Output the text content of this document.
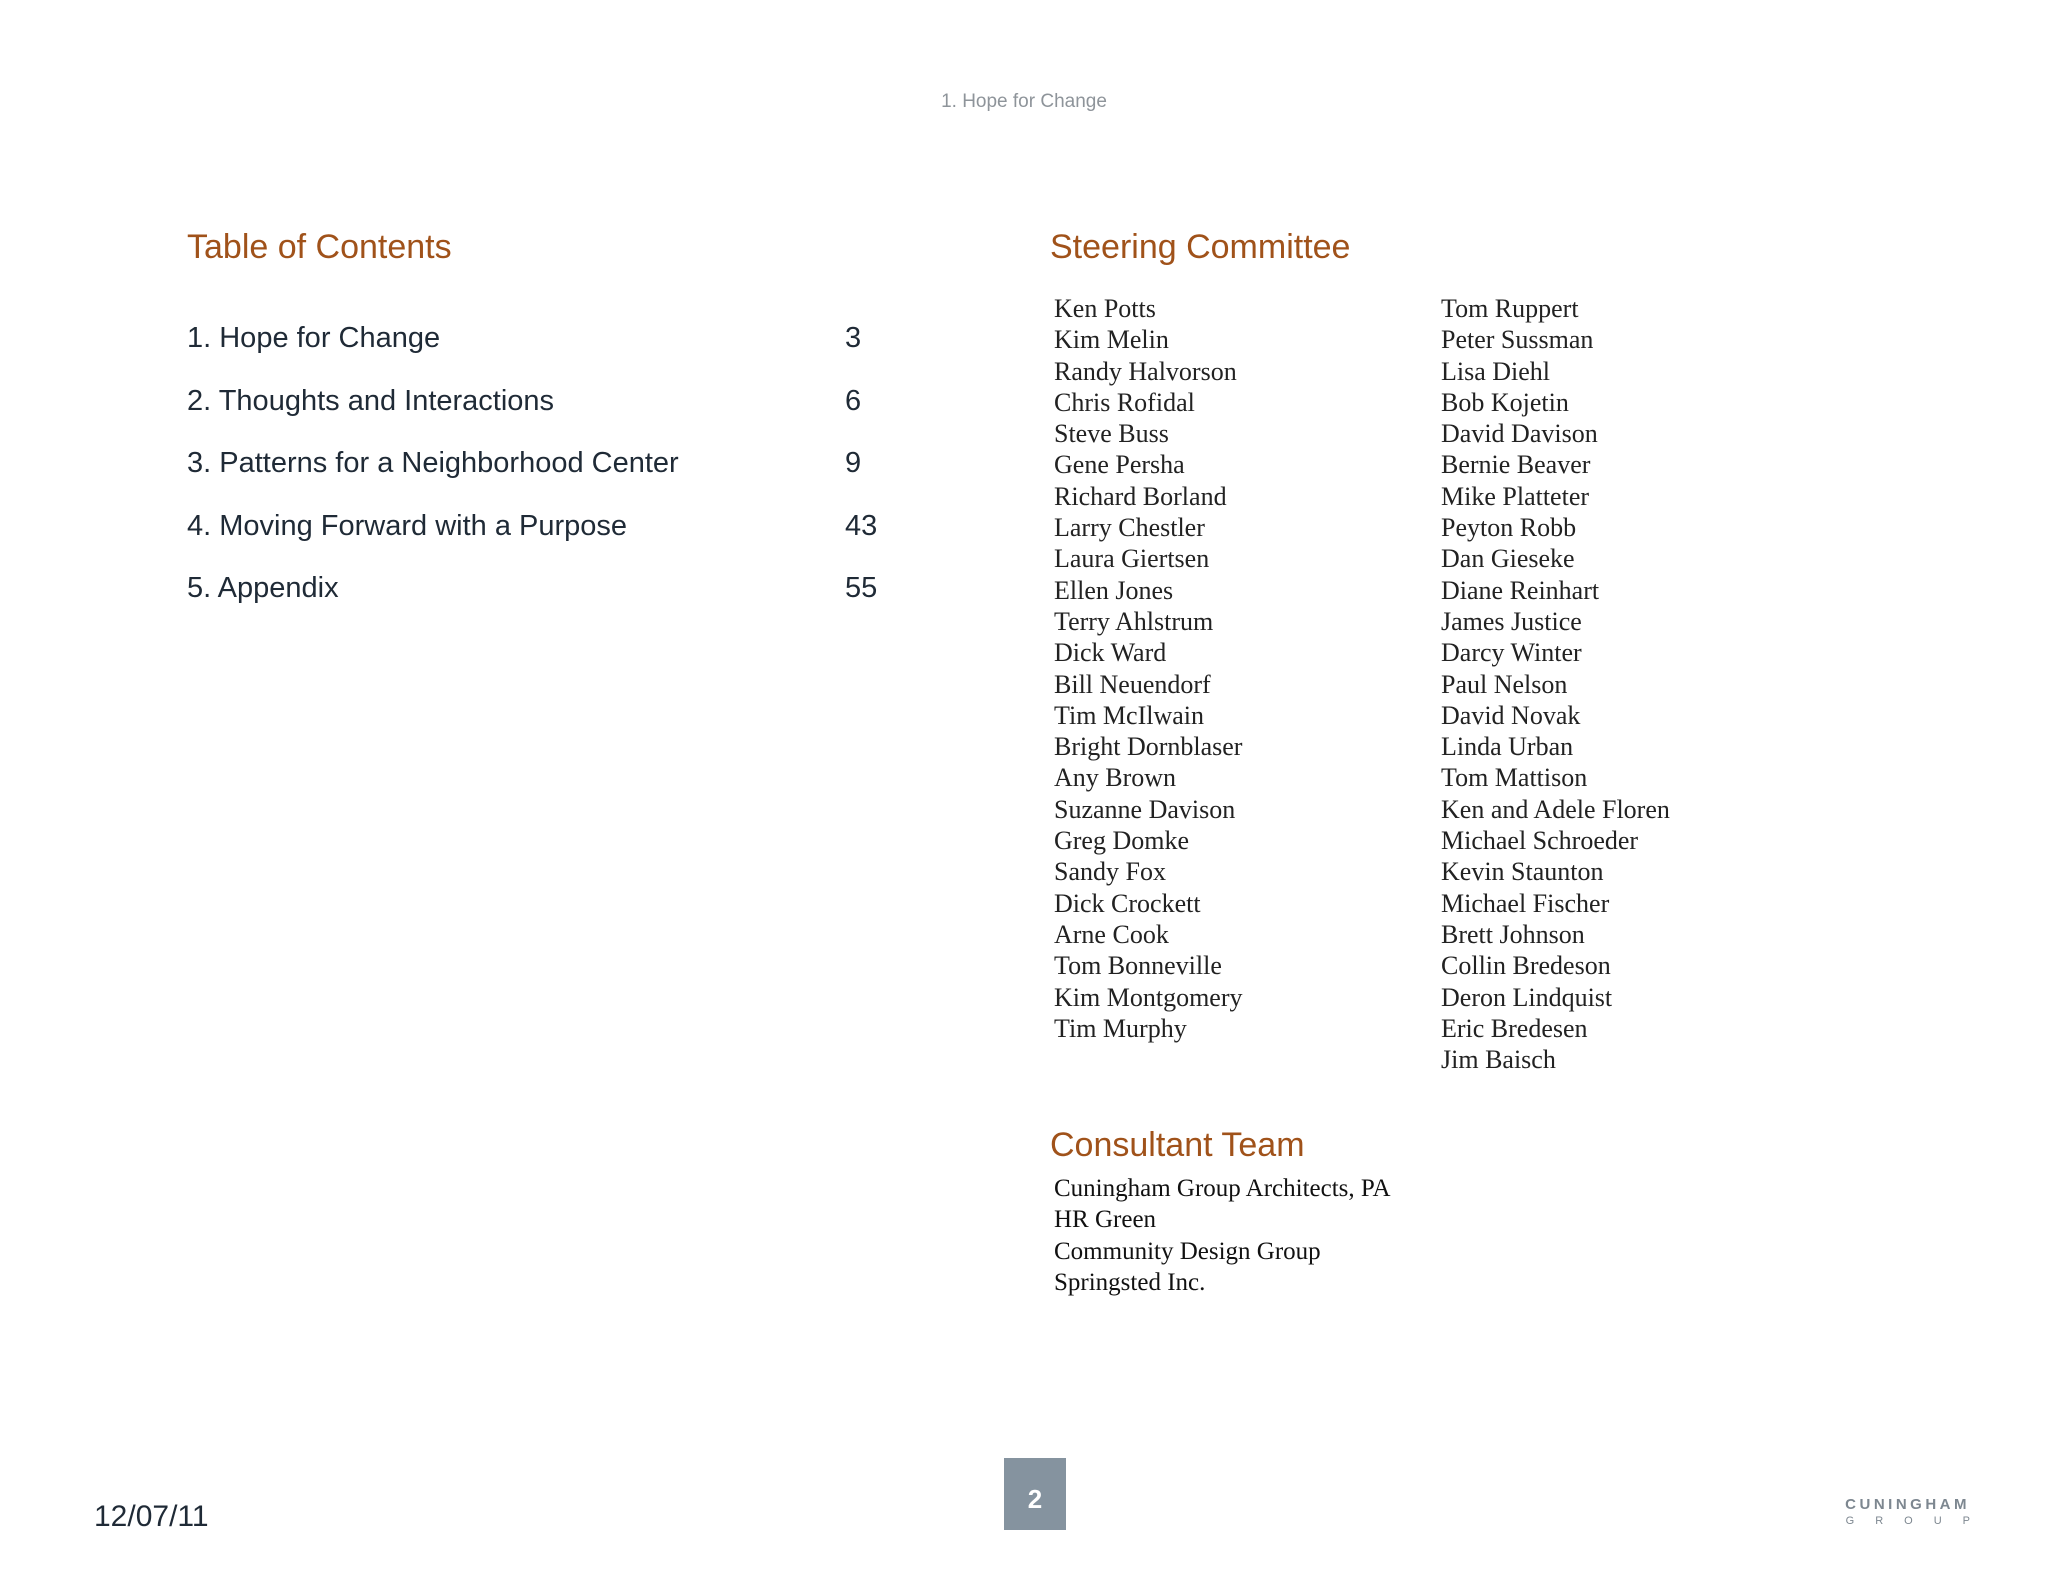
1. Hope for Change
Table of Contents
1. Hope for Change	3
2. Thoughts and Interactions	6
3. Patterns for a Neighborhood Center	9
4. Moving Forward with a Purpose	43
5. Appendix	55
Steering Committee
Ken Potts
Kim Melin
Randy Halvorson
Chris Rofidal
Steve Buss
Gene Persha
Richard Borland
Larry Chestler
Laura Giertsen
Ellen Jones
Terry Ahlstrum
Dick Ward
Bill Neuendorf
Tim McIlwain
Bright Dornblaser
Any Brown
Suzanne Davison
Greg Domke
Sandy Fox
Dick Crockett
Arne Cook
Tom Bonneville
Kim Montgomery
Tim Murphy
Tom Ruppert
Peter Sussman
Lisa Diehl
Bob Kojetin
David Davison
Bernie Beaver
Mike Platteter
Peyton Robb
Dan Gieseke
Diane Reinhart
James Justice
Darcy Winter
Paul Nelson
David Novak
Linda Urban
Tom Mattison
Ken and Adele Floren
Michael Schroeder
Kevin Staunton
Michael Fischer
Brett Johnson
Collin Bredeson
Deron Lindquist
Eric Bredesen
Jim Baisch
Consultant Team
Cuningham Group Architects, PA
HR Green
Community Design Group
Springsted Inc.
12/07/11
2	CUNINGHAM
GROUP
